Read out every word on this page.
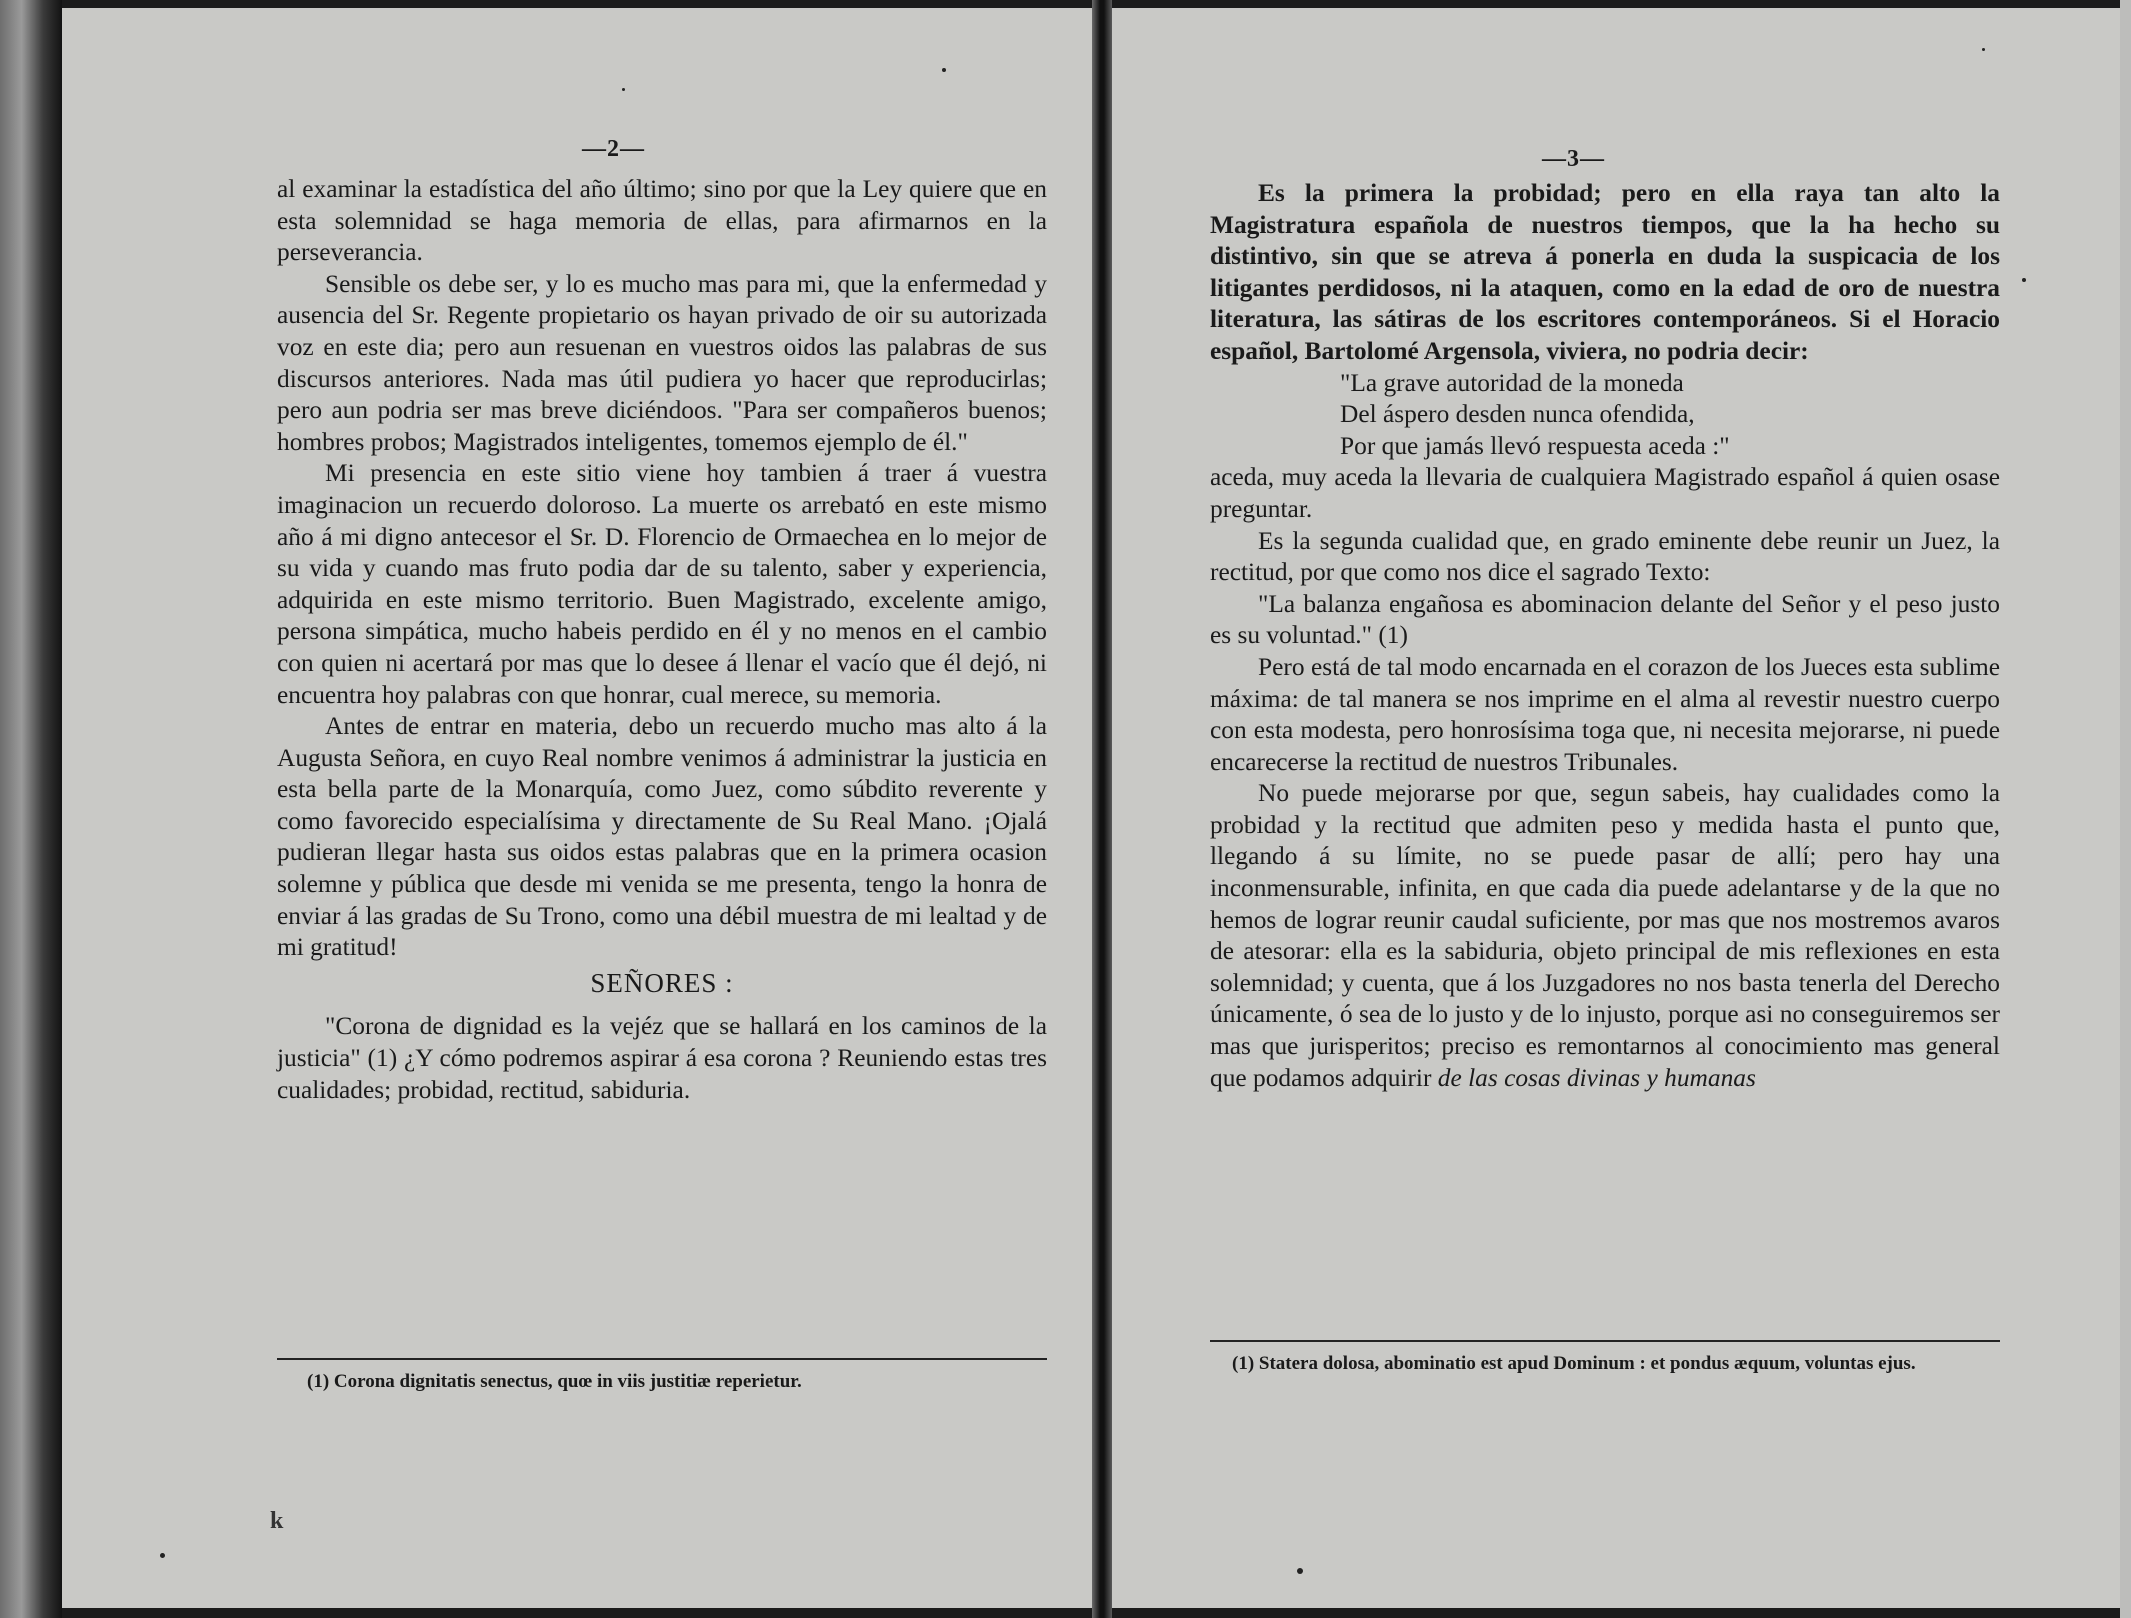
—2—

al examinar la estadística del año último; sino por que la Ley quiere que en esta solemnidad se haga memoria de ellas, para afirmarnos en la perseverancia.

Sensible os debe ser, y lo es mucho mas para mi, que la enfermedad y ausencia del Sr. Regente propietario os hayan privado de oir su autorizada voz en este dia; pero aun resuenan en vuestros oidos las palabras de sus discursos anteriores. Nada mas útil pudiera yo hacer que reproducirlas; pero aun podria ser mas breve diciéndoos. "Para ser compañeros buenos; hombres probos; Magistrados inteligentes, tomemos ejemplo de él."

Mi presencia en este sitio viene hoy tambien á traer á vuestra imaginacion un recuerdo doloroso. La muerte os arrebató en este mismo año á mi digno antecesor el Sr. D. Florencio de Ormaechea en lo mejor de su vida y cuando mas fruto podia dar de su talento, saber y experiencia, adquirida en este mismo territorio. Buen Magistrado, excelente amigo, persona simpática, mucho habeis perdido en él y no menos en el cambio con quien ni acertará por mas que lo desee á llenar el vacío que él dejó, ni encuentra hoy palabras con que honrar, cual merece, su memoria.

Antes de entrar en materia, debo un recuerdo mucho mas alto á la Augusta Señora, en cuyo Real nombre venimos á administrar la justicia en esta bella parte de la Monarquía, como Juez, como súbdito reverente y como favorecido especialísima y directamente de Su Real Mano. ¡Ojalá pudieran llegar hasta sus oidos estas palabras que en la primera ocasion solemne y pública que desde mi venida se me presenta, tengo la honra de enviar á las gradas de Su Trono, como una débil muestra de mi lealtad y de mi gratitud!

SEÑORES :

"Corona de dignidad es la vejéz que se hallará en los caminos de la justicia" (1) ¿Y cómo podremos aspirar á esa corona ? Reuniendo estas tres cualidades; probidad, rectitud, sabiduria.

(1) Corona dignitatis senectus, quœ in viis justitiæ reperietur.
k
—3—

Es la primera la probidad; pero en ella raya tan alto la Magistratura española de nuestros tiempos, que la ha hecho su distintivo, sin que se atreva á ponerla en duda la suspicacia de los litigantes perdidosos, ni la ataquen, como en la edad de oro de nuestra literatura, las sátiras de los escritores contemporáneos. Si el Horacio español, Bartolomé Argensola, viviera, no podria decir:

"La grave autoridad de la moneda

Del áspero desden nunca ofendida,

Por que jamás llevó respuesta aceda :"

aceda, muy aceda la llevaria de cualquiera Magistrado español á quien osase preguntar.

Es la segunda cualidad que, en grado eminente debe reunir un Juez, la rectitud, por que como nos dice el sagrado Texto:

"La balanza engañosa es abominacion delante del Señor y el peso justo es su voluntad." (1)

Pero está de tal modo encarnada en el corazon de los Jueces esta sublime máxima: de tal manera se nos imprime en el alma al revestir nuestro cuerpo con esta modesta, pero honrosísima toga que, ni necesita mejorarse, ni puede encarecerse la rectitud de nuestros Tribunales.

No puede mejorarse por que, segun sabeis, hay cualidades como la probidad y la rectitud que admiten peso y medida hasta el punto que, llegando á su límite, no se puede pasar de allí; pero hay una inconmensurable, infinita, en que cada dia puede adelantarse y de la que no hemos de lograr reunir caudal suficiente, por mas que nos mostremos avaros de atesorar: ella es la sabiduria, objeto principal de mis reflexiones en esta solemnidad; y cuenta, que á los Juzgadores no nos basta tenerla del Derecho únicamente, ó sea de lo justo y de lo injusto, porque asi no conseguiremos ser mas que jurisperitos; preciso es remontarnos al conocimiento mas general que podamos adquirir de las cosas divinas y humanas

(1) Statera dolosa, abominatio est apud Dominum : et pondus æquum, voluntas ejus.
